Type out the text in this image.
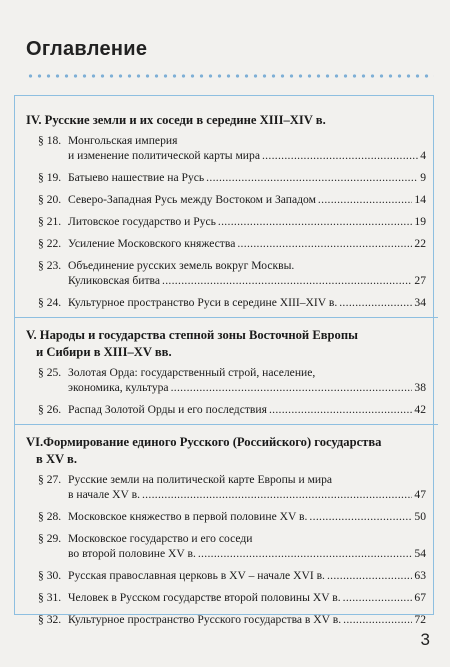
Оглавление
IV. Русские земли и их соседи в середине XIII–XIV в.
§ 18. Монгольская империя
и изменение политической карты мира .....	4
§ 19. Батыево нашествие на Русь .....	9
§ 20. Северо-Западная Русь между Востоком и Западом .....	14
§ 21. Литовское государство и Русь .....	19
§ 22. Усиление Московского княжества .....	22
§ 23. Объединение русских земель вокруг Москвы.
Куликовская битва .....	27
§ 24. Культурное пространство Руси в середине XIII–XIV в. .....	34
V. Народы и государства степной зоны Восточной Европы
и Сибири в XIII–XV вв.
§ 25. Золотая Орда: государственный строй, население,
экономика, культура .....	38
§ 26. Распад Золотой Орды и его последствия .....	42
VI.Формирование единого Русского (Российского) государства
в XV в.
§ 27. Русские земли на политической карте Европы и мира
в начале XV в. .....	47
§ 28. Московское княжество в первой половине XV в. .....	50
§ 29. Московское государство и его соседи
во второй половине XV в. .....	54
§ 30. Русская православная церковь в XV – начале XVI в. .....	63
§ 31. Человек в Русском государстве второй половины XV в. .....	67
§ 32. Культурное пространство Русского государства в XV в. .....	72
3
